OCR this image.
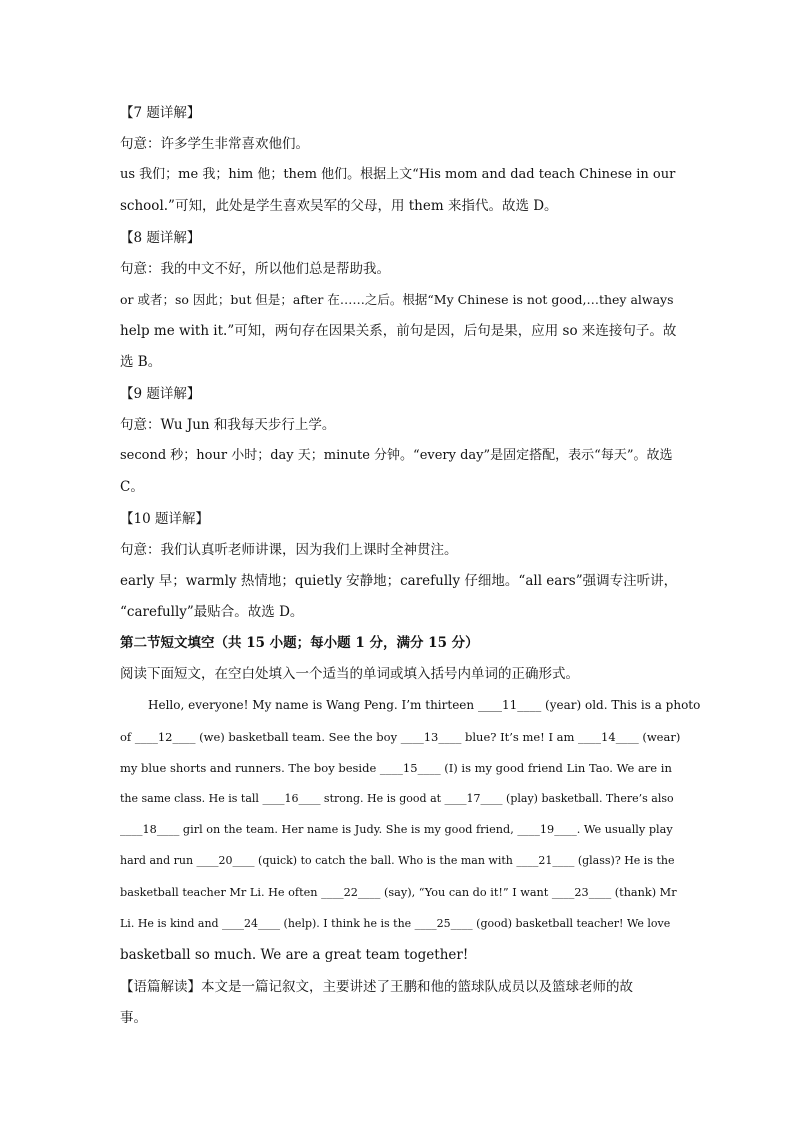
【7 题详解】
句意：许多学生非常喜欢他们。
us 我们；me 我；him 他；them 他们。根据上文“His mom and dad teach Chinese in our
school.”可知，此处是学生喜欢吴军的父母，用 them 来指代。故选 D。
【8 题详解】
句意：我的中文不好，所以他们总是帮助我。
or 或者；so 因此；but 但是；after 在……之后。根据“My Chinese is not good,…they always
help me with it.”可知，两句存在因果关系，前句是因，后句是果，应用 so 来连接句子。故
选 B。
【9 题详解】
句意：Wu Jun 和我每天步行上学。
second 秒；hour 小时；day 天；minute 分钟。“every day”是固定搭配，表示“每天”。故选
C。
【10 题详解】
句意：我们认真听老师讲课，因为我们上课时全神贯注。
early 早；warmly 热情地；quietly 安静地；carefully 仔细地。“all ears”强调专注听讲，
“carefully”最贴合。故选 D。
第二节短文填空（共 15 小题；每小题 1 分，满分 15 分）
阅读下面短文，在空白处填入一个适当的单词或填入括号内单词的正确形式。
Hello, everyone! My name is Wang Peng. I’m thirteen ____11____ (year) old. This is a photo
of ____12____ (we) basketball team. See the boy ____13____ blue? It’s me! I am ____14____ (wear)
my blue shorts and runners. The boy beside ____15____ (I) is my good friend Lin Tao. We are in
the same class. He is tall ____16____ strong. He is good at ____17____ (play) basketball. There’s also
____18____ girl on the team. Her name is Judy. She is my good friend, ____19____. We usually play
hard and run ____20____ (quick) to catch the ball. Who is the man with ____21____ (glass)? He is the
basketball teacher Mr Li. He often ____22____ (say), “You can do it!” I want ____23____ (thank) Mr
Li. He is kind and ____24____ (help). I think he is the ____25____ (good) basketball teacher! We love
basketball so much. We are a great team together!
【语篇解读】本文是一篇记叙文，主要讲述了王鹏和他的篮球队成员以及篮球老师的故
事。
